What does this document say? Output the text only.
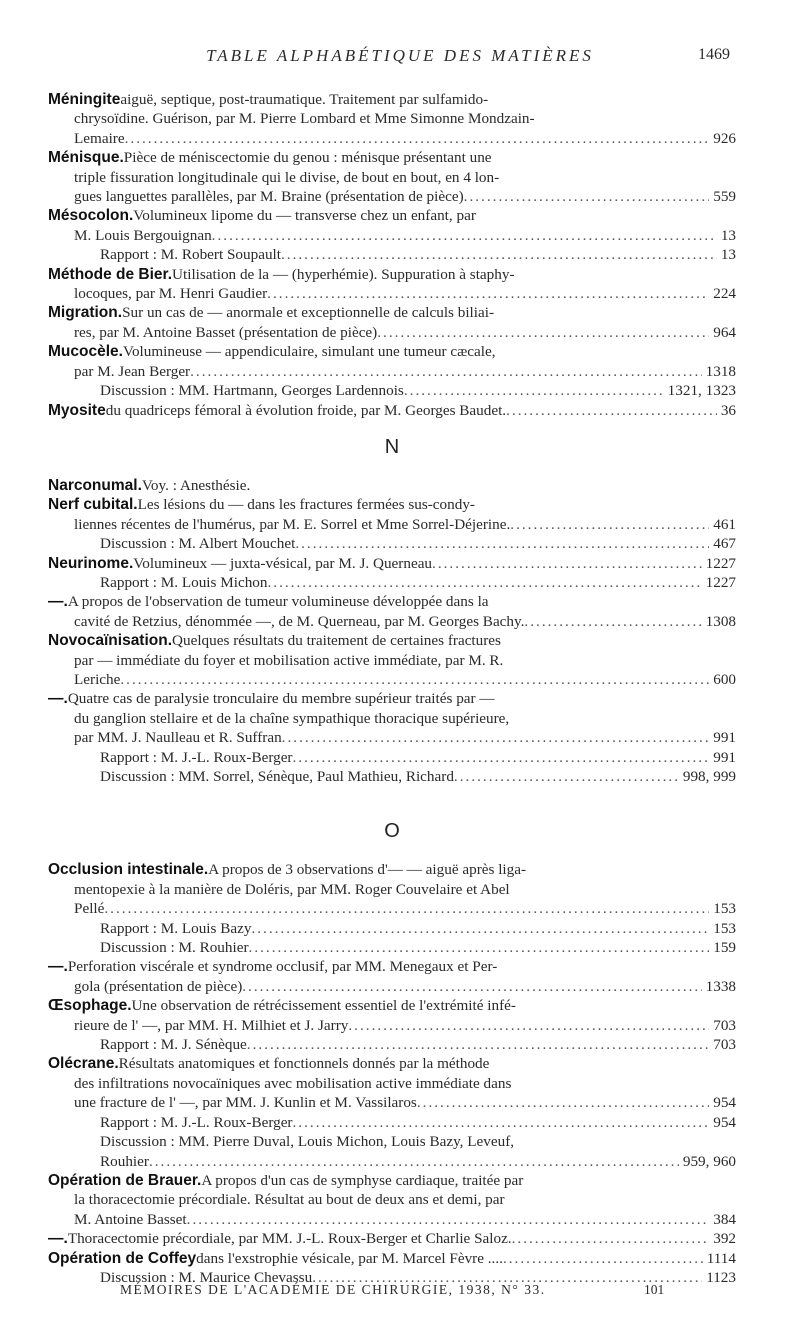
TABLE ALPHABÉTIQUE DES MATIÈRES	1469
Méningite aiguë, septique, post-traumatique. Traitement par sulfamido-
chrysoïdine. Guérison, par M. Pierre Lombard et Mme Simonne Mondzain-
Lemaire .....	926
Ménisque. Pièce de méniscectomie du genou : ménisque présentant une
triple fissuration longitudinale qui le divise, de bout en bout, en 4 lon-
gues languettes parallèles, par M. Braine (présentation de pièce) .....	559
Mésocolon. Volumineux lipome du — transverse chez un enfant, par
M. Louis Bergouignan .....	13
Rapport : M. Robert Soupault .....	13
Méthode de Bier. Utilisation de la — (hyperhémie). Suppuration à staphy-
locoques, par M. Henri Gaudier .....	224
Migration. Sur un cas de — anormale et exceptionnelle de calculs biliai-
res, par M. Antoine Basset (présentation de pièce) .....	964
Mucocèle. Volumineuse — appendiculaire, simulant une tumeur cæcale,
par M. Jean Berger .....	1318
Discussion : MM. Hartmann, Georges Lardennois .....	1321, 1323
Myosite du quadriceps fémoral à évolution froide, par M. Georges Baudet. .....	36
N
Narconumal. Voy. : Anesthésie.
Nerf cubital. Les lésions du — dans les fractures fermées sus-condy-
liennes récentes de l'humérus, par M. E. Sorrel et Mme Sorrel-Déjerine. .....	461
Discussion : M. Albert Mouchet .....	467
Neurinome. Volumineux — juxta-vésical, par M. J. Querneau .....	1227
Rapport : M. Louis Michon .....	1227
—. A propos de l'observation de tumeur volumineuse développée dans la
cavité de Retzius, dénommée —, de M. Querneau, par M. Georges Bachy. .....	1308
Novocaïnisation. Quelques résultats du traitement de certaines fractures
par — immédiate du foyer et mobilisation active immédiate, par M. R.
Leriche .....	600
—. Quatre cas de paralysie tronculaire du membre supérieur traités par —
du ganglion stellaire et de la chaîne sympathique thoracique supérieure,
par MM. J. Naulleau et R. Suffran .....	991
Rapport : M. J.-L. Roux-Berger .....	991
Discussion : MM. Sorrel, Sénèque, Paul Mathieu, Richard .....	998, 999
O
Occlusion intestinale. A propos de 3 observations d'— — aiguë après liga-
mentopexie à la manière de Doléris, par MM. Roger Couvelaire et Abel
Pellé .....	153
Rapport : M. Louis Bazy .....	153
Discussion : M. Rouhier .....	159
—. Perforation viscérale et syndrome occlusif, par MM. Menegaux et Per-
gola (présentation de pièce) .....	1338
Œsophage. Une observation de rétrécissement essentiel de l'extrémité infé-
rieure de l' —, par MM. H. Milhiet et J. Jarry .....	703
Rapport : M. J. Sénèque .....	703
Olécrane. Résultats anatomiques et fonctionnels donnés par la méthode
des infiltrations novocaïniques avec mobilisation active immédiate dans
une fracture de l' —, par MM. J. Kunlin et M. Vassilaros .....	954
Rapport : M. J.-L. Roux-Berger .....	954
Discussion : MM. Pierre Duval, Louis Michon, Louis Bazy, Leveuf,
Rouhier .....	959, 960
Opération de Brauer. A propos d'un cas de symphyse cardiaque, traitée par
la thoracectomie précordiale. Résultat au bout de deux ans et demi, par
M. Antoine Basset .....	384
—. Thoracectomie précordiale, par MM. J.-L. Roux-Berger et Charlie Saloz. .....	392
Opération de Coffey dans l'exstrophie vésicale, par M. Marcel Fèvre .... .....	1114
Discussion : M. Maurice Chevassu .....	1123
MÉMOIRES DE L'ACADÉMIE DE CHIRURGIE, 1938, N° 33.	101
